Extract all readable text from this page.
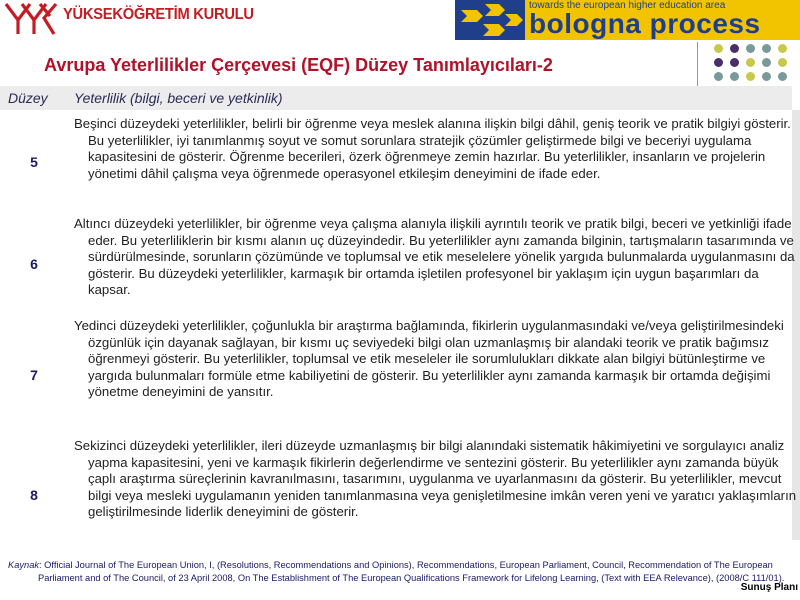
YÜKSEKÖĞRETİM KURULU
towards the european higher education area
bologna process
Avrupa Yeterlilikler Çerçevesi (EQF) Düzey Tanımlayıcıları-2
Düzey Yeterlilik (bilgi, beceri ve yetkinlik)
5
Beşinci düzeydeki yeterlilikler, belirli bir öğrenme veya meslek alanına ilişkin bilgi dâhil, geniş teorik ve pratik bilgiyi gösterir. Bu yeterlilikler, iyi tanımlanmış soyut ve somut sorunlara stratejik çözümler geliştirmede bilgi ve beceriyi uygulama kapasitesini de gösterir. Öğrenme becerileri, özerk öğrenmeye zemin hazırlar. Bu yeterlilikler, insanların ve projelerin yönetimi dâhil çalışma veya öğrenmede operasyonel etkileşim deneyimini de ifade eder.
6
Altıncı düzeydeki yeterlilikler, bir öğrenme veya çalışma alanıyla ilişkili ayrıntılı teorik ve pratik bilgi, beceri ve yetkinliği ifade eder. Bu yeterliliklerin bir kısmı alanın uç düzeyindedir. Bu yeterlilikler aynı zamanda bilginin, tartışmaların tasarımında ve sürdürülmesinde, sorunların çözümünde ve toplumsal ve etik meselelere yönelik yargıda bulunmalarda uygulanmasını da gösterir. Bu düzeydeki yeterlilikler, karmaşık bir ortamda işletilen profesyonel bir yaklaşım için uygun başarımları da kapsar.
7
Yedinci düzeydeki yeterlilikler, çoğunlukla bir araştırma bağlamında, fikirlerin uygulanmasındaki ve/veya geliştirilmesindeki özgünlük için dayanak sağlayan, bir kısmı uç seviyedeki bilgi olan uzmanlaşmış bir alandaki teorik ve pratik bağımsız öğrenmeyi gösterir. Bu yeterlilikler, toplumsal ve etik meseleler ile sorumlulukları dikkate alan bilgiyi bütünleştirme ve yargıda bulunmaları formüle etme kabiliyetini de gösterir. Bu yeterlilikler aynı zamanda karmaşık bir ortamda değişimi yönetme deneyimini de yansıtır.
8
Sekizinci düzeydeki yeterlilikler, ileri düzeyde uzmanlaşmış bir bilgi alanındaki sistematik hâkimiyetini ve sorgulayıcı analiz yapma kapasitesini, yeni ve karmaşık fikirlerin değerlendirme ve sentezini gösterir. Bu yeterlilikler aynı zamanda büyük çaplı araştırma süreçlerinin kavranılmasını, tasarımını, uygulanma ve uyarlanmasını da gösterir. Bu yeterlilikler, mevcut bilgi veya mesleki uygulamanın yeniden tanımlanmasına veya genişletilmesine imkân veren yeni ve yaratıcı yaklaşımların geliştirilmesinde liderlik deneyimini de gösterir.
Kaynak: Official Journal of The European Union, I, (Resolutions, Recommendations and Opinions), Recommendations, European Parliament, Council, Recommendation of The European Parliament and of The Council, of 23 April 2008, On The Establishment of The European Qualifications Framework for Lifelong Learning, (Text with EEA Relevance), (2008/C 111/01).
Sunuş Planı
